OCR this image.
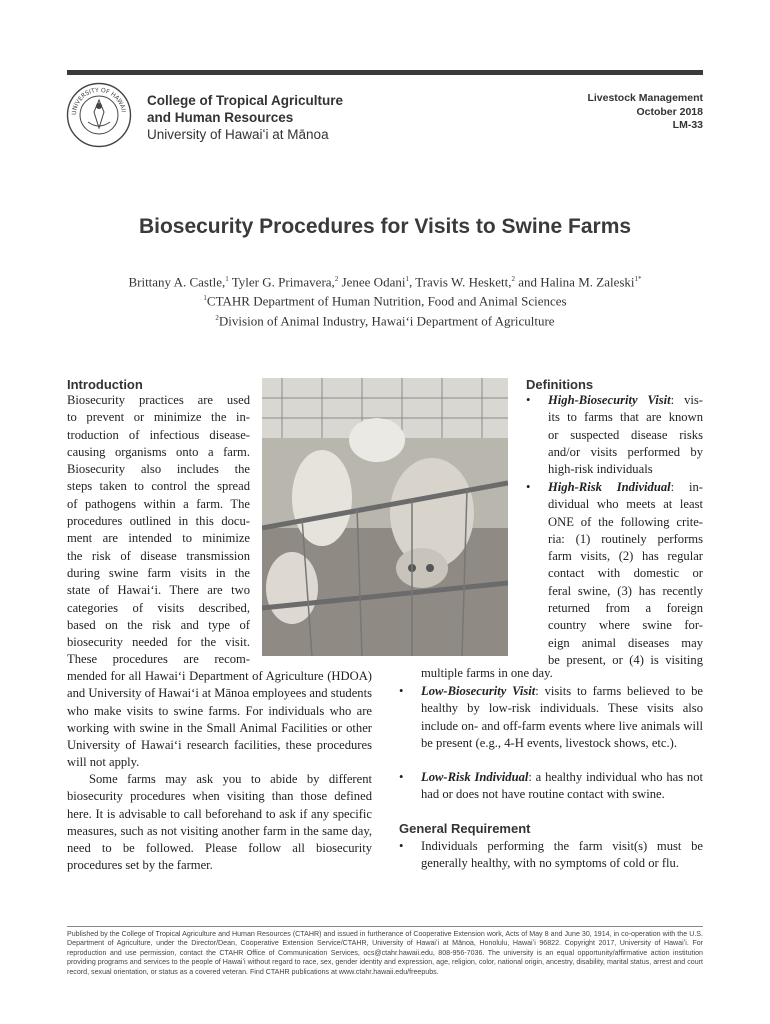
UNIVERSITY OF HAWAII
College of Tropical Agriculture
and Human Resources
University of Hawaiʻi at Mānoa
Livestock Management
October 2018
LM-33
Biosecurity Procedures for Visits to Swine Farms
Brittany A. Castle,$^1$ Tyler G. Primavera,$^2$ Jenee Odani$^1$, Travis W. Heskett,$^2$ and Halina M. Zaleski$^{1*}$
$^1$CTAHR Department of Human Nutrition, Food and Animal Sciences
$^2$Division of Animal Industry, Hawaiʻi Department of Agriculture
Introduction
Biosecurity practices are used
to prevent or minimize the in-
troduction of infectious disease-
causing organisms onto a farm.
Biosecurity also includes the
steps taken to control the spread
of pathogens within a farm. The
procedures outlined in this docu-
ment are intended to minimize
the risk of disease transmission
during swine farm visits in the
state of Hawaiʻi. There are two
categories of visits described,
based on the risk and type of
biosecurity needed for the visit.
These procedures are recom-
mended for all Hawaiʻi Department of Agriculture (HDOA) and University of Hawaiʻi at Mānoa employees and students who make visits to swine farms. For individuals who are working with swine in the Small Animal Facilities or other University of Hawaiʻi research facilities, these procedures will not apply.
Some farms may ask you to abide by different biosecurity procedures when visiting than those defined here. It is advisable to call beforehand to ask if any specific measures, such as not visiting another farm in the same day, need to be followed. Please follow all biosecurity procedures set by the farmer.
Definitions
• High-Biosecurity Visit: vis-
its to farms that are known
or suspected disease risks
and/or visits performed by
high-risk individuals
• High-Risk Individual: in-
dividual who meets at least
ONE of the following crite-
ria: (1) routinely performs
farm visits, (2) has regular
contact with domestic or
feral swine, (3) has recently
returned from a foreign
country where swine for-
eign animal diseases may
be present, or (4) is visiting
multiple farms in one day.
• Low-Biosecurity Visit: visits to farms believed to be healthy by low-risk individuals. These visits also include on- and off-farm events where live animals will be present (e.g., 4-H events, livestock shows, etc.).
• Low-Risk Individual: a healthy individual who has not had or does not have routine contact with swine.
General Requirement
• Individuals performing the farm visit(s) must be generally healthy, with no symptoms of cold or flu.
Published by the College of Tropical Agriculture and Human Resources (CTAHR) and issued in furtherance of Cooperative Extension work, Acts of May 8 and June 30, 1914, in co-operation with the U.S. Department of Agriculture, under the Director/Dean, Cooperative Extension Service/CTAHR, University of Hawaiʻi at Mānoa, Honolulu, Hawaiʻi 96822. Copyright 2017, University of Hawaiʻi. For reproduction and use permission, contact the CTAHR Office of Communication Services, ocs@ctahr.hawaii.edu, 808-956-7036. The university is an equal opportunity/affirmative action institution providing programs and services to the people of Hawaiʻi without regard to race, sex, gender identity and expression, age, religion, color, national origin, ancestry, disability, marital status, arrest and court record, sexual orientation, or status as a covered veteran. Find CTAHR publications at www.ctahr.hawaii.edu/freepubs.
